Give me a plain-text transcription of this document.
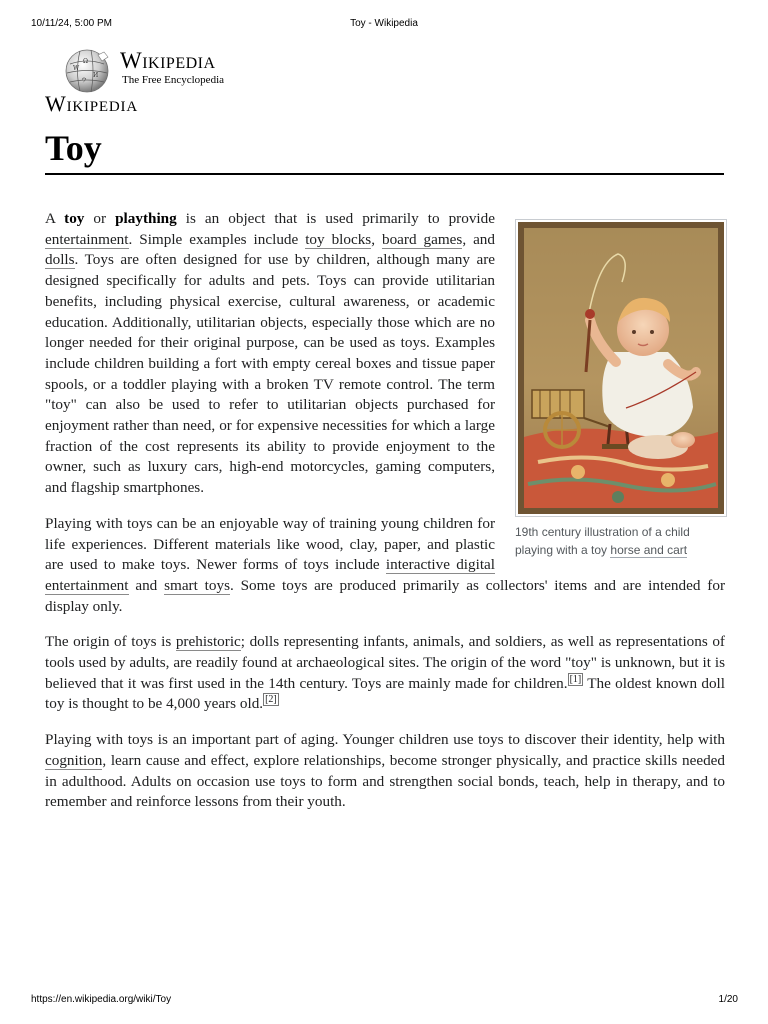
10/11/24, 5:00 PM	Toy - Wikipedia
W
Ω
И
ウ
Wikipedia
The Free Encyclopedia
Wikipedia
Toy
19th century illustration of a child playing with a toy horse and cart

A toy or plaything is an object that is used primarily to provide entertainment. Simple examples include toy blocks, board games, and dolls. Toys are often designed for use by children, although many are designed specifically for adults and pets. Toys can provide utilitarian benefits, including physical exercise, cultural awareness, or academic education. Additionally, utilitarian objects, especially those which are no longer needed for their original purpose, can be used as toys. Examples include children building a fort with empty cereal boxes and tissue paper spools, or a toddler playing with a broken TV remote control. The term "toy" can also be used to refer to utilitarian objects purchased for enjoyment rather than need, or for expensive necessities for which a large fraction of the cost represents its ability to provide enjoyment to the owner, such as luxury cars, high-end motorcycles, gaming computers, and flagship smartphones.

Playing with toys can be an enjoyable way of training young children for life experiences. Different materials like wood, clay, paper, and plastic are used to make toys. Newer forms of toys include interactive digital entertainment and smart toys. Some toys are produced primarily as collectors' items and are intended for display only.

The origin of toys is prehistoric; dolls representing infants, animals, and soldiers, as well as representations of tools used by adults, are readily found at archaeological sites. The origin of the word "toy" is unknown, but it is believed that it was first used in the 14th century. Toys are mainly made for children. [1] The oldest known doll toy is thought to be 4,000 years old. [2]

Playing with toys is an important part of aging. Younger children use toys to discover their identity, help with cognition, learn cause and effect, explore relationships, become stronger physically, and practice skills needed in adulthood. Adults on occasion use toys to form and strengthen social bonds, teach, help in therapy, and to remember and reinforce lessons from their youth.

https://en.wikipedia.org/wiki/Toy	1/20
